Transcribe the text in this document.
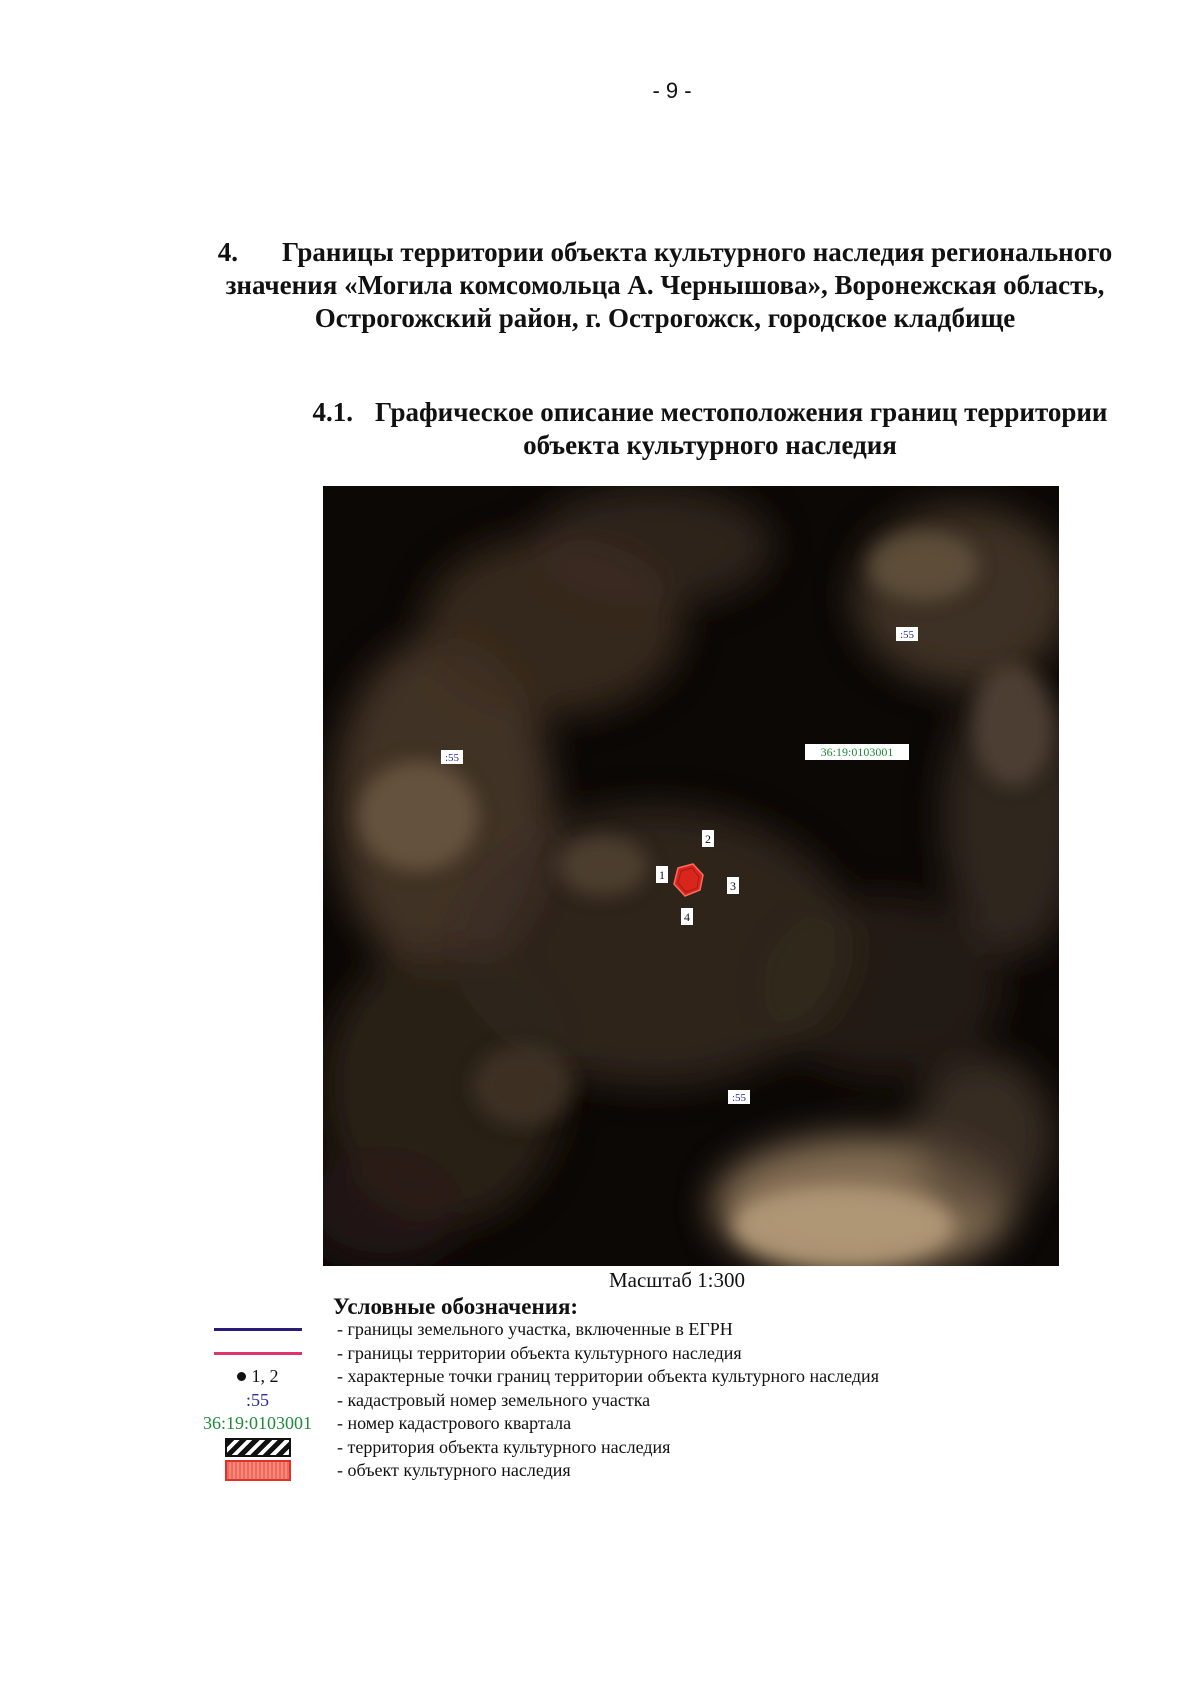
- 9 -
4. Границы территории объекта культурного наследия регионального значения «Могила комсомольца А. Чернышова», Воронежская область, Острогожский район, г. Острогожск, городское кладбище
4.1. Графическое описание местоположения границ территории объекта культурного наследия
:55
:55
:55
36:19:0103001
1
2
3
4
Масштаб 1:300
Условные обозначения:
- границы земельного участка, включенные в ЕГРН
- границы территории объекта культурного наследия
1, 2	- характерные точки границ территории объекта культурного наследия
:55	- кадастровый номер земельного участка
36:19:0103001 - номер кадастрового квартала
- территория объекта культурного наследия
- объект культурного наследия
